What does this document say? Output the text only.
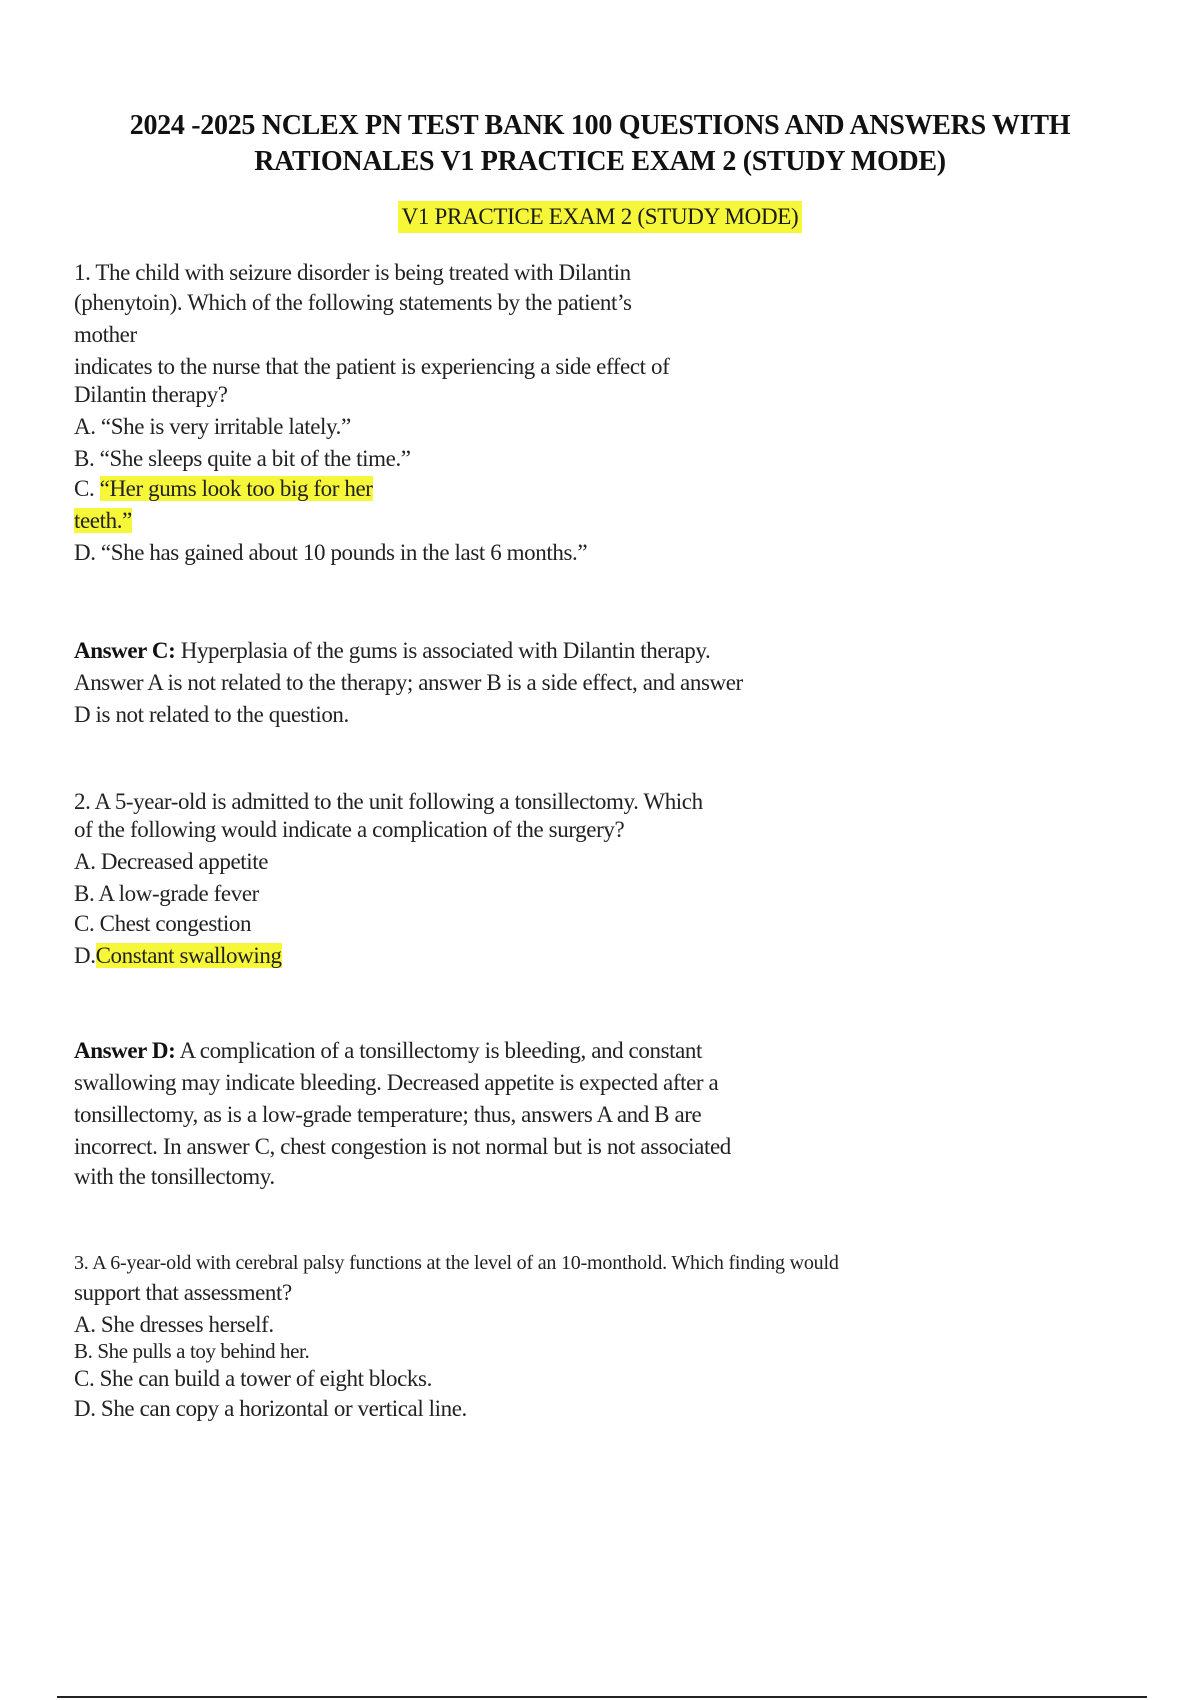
2024 -2025 NCLEX PN TEST BANK 100 QUESTIONS AND ANSWERS WITH
RATIONALES V1 PRACTICE EXAM 2 (STUDY MODE)
V1 PRACTICE EXAM 2 (STUDY MODE)

1. The child with seizure disorder is being treated with Dilantin

(phenytoin). Which of the following statements by the patient’s

mother

indicates to the nurse that the patient is experiencing a side effect of

Dilantin therapy?

A. “She is very irritable lately.”

B. “She sleeps quite a bit of the time.”

C. “Her gums look too big for her

teeth.”

D. “She has gained about 10 pounds in the last 6 months.”

Answer C: Hyperplasia of the gums is associated with Dilantin therapy.

Answer A is not related to the therapy; answer B is a side effect, and answer

D is not related to the question.

2. A 5-year-old is admitted to the unit following a tonsillectomy. Which

of the following would indicate a complication of the surgery?

A. Decreased appetite

B. A low-grade fever

C. Chest congestion

D.Constant swallowing

Answer D: A complication of a tonsillectomy is bleeding, and constant

swallowing may indicate bleeding. Decreased appetite is expected after a

tonsillectomy, as is a low-grade temperature; thus, answers A and B are

incorrect. In answer C, chest congestion is not normal but is not associated

with the tonsillectomy.

3. A 6-year-old with cerebral palsy functions at the level of an 10-monthold. Which finding would

support that assessment?

A. She dresses herself.

B. She pulls a toy behind her.

C. She can build a tower of eight blocks.

D. She can copy a horizontal or vertical line.
